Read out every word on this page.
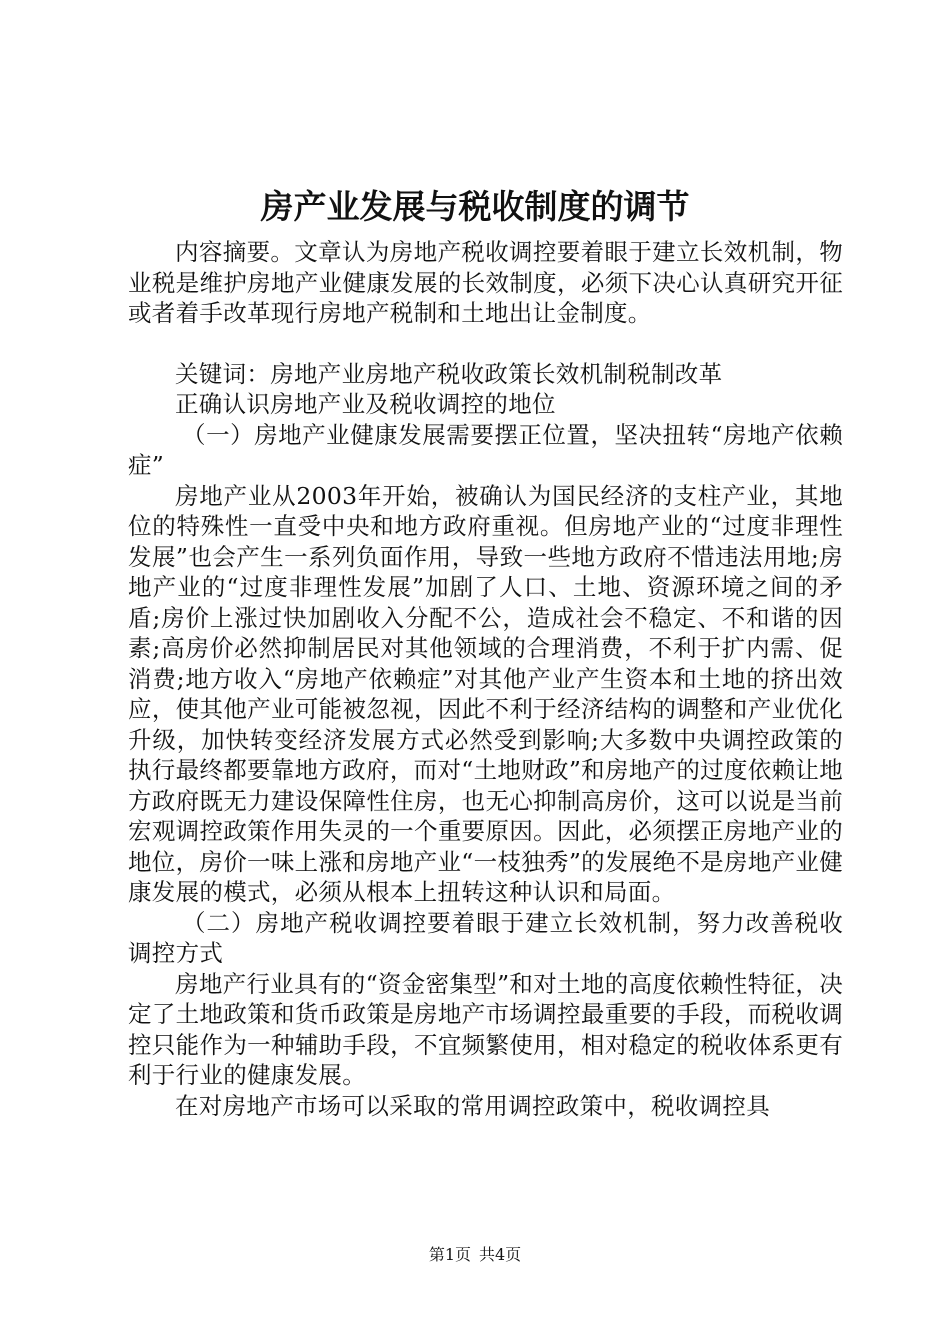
房产业发展与税收制度的调节

内容摘要。文章认为房地产税收调控要着眼于建立长效机制，物业税是维护房地产业健康发展的长效制度，必须下决心认真研究开征或者着手改革现行房地产税制和土地出让金制度。

关键词：房地产业房地产税收政策长效机制税制改革

正确认识房地产业及税收调控的地位

（一）房地产业健康发展需要摆正位置，坚决扭转“房地产依赖症”

房地产业从2003年开始，被确认为国民经济的支柱产业，其地位的特殊性一直受中央和地方政府重视。但房地产业的“过度非理性发展”也会产生一系列负面作用，导致一些地方政府不惜违法用地;房地产业的“过度非理性发展”加剧了人口、土地、资源环境之间的矛盾;房价上涨过快加剧收入分配不公，造成社会不稳定、不和谐的因素;高房价必然抑制居民对其他领域的合理消费，不利于扩内需、促消费;地方收入“房地产依赖症”对其他产业产生资本和土地的挤出效应，使其他产业可能被忽视，因此不利于经济结构的调整和产业优化升级，加快转变经济发展方式必然受到影响;大多数中央调控政策的执行最终都要靠地方政府，而对“土地财政”和房地产的过度依赖让地方政府既无力建设保障性住房，也无心抑制高房价，这可以说是当前宏观调控政策作用失灵的一个重要原因。因此，必须摆正房地产业的地位，房价一味上涨和房地产业“一枝独秀”的发展绝不是房地产业健康发展的模式，必须从根本上扭转这种认识和局面。

（二）房地产税收调控要着眼于建立长效机制，努力改善税收调控方式

房地产行业具有的“资金密集型”和对土地的高度依赖性特征，决定了土地政策和货币政策是房地产市场调控最重要的手段，而税收调控只能作为一种辅助手段，不宜频繁使用，相对稳定的税收体系更有利于行业的健康发展。

在对房地产市场可以采取的常用调控政策中，税收调控具

第1页 共4页
